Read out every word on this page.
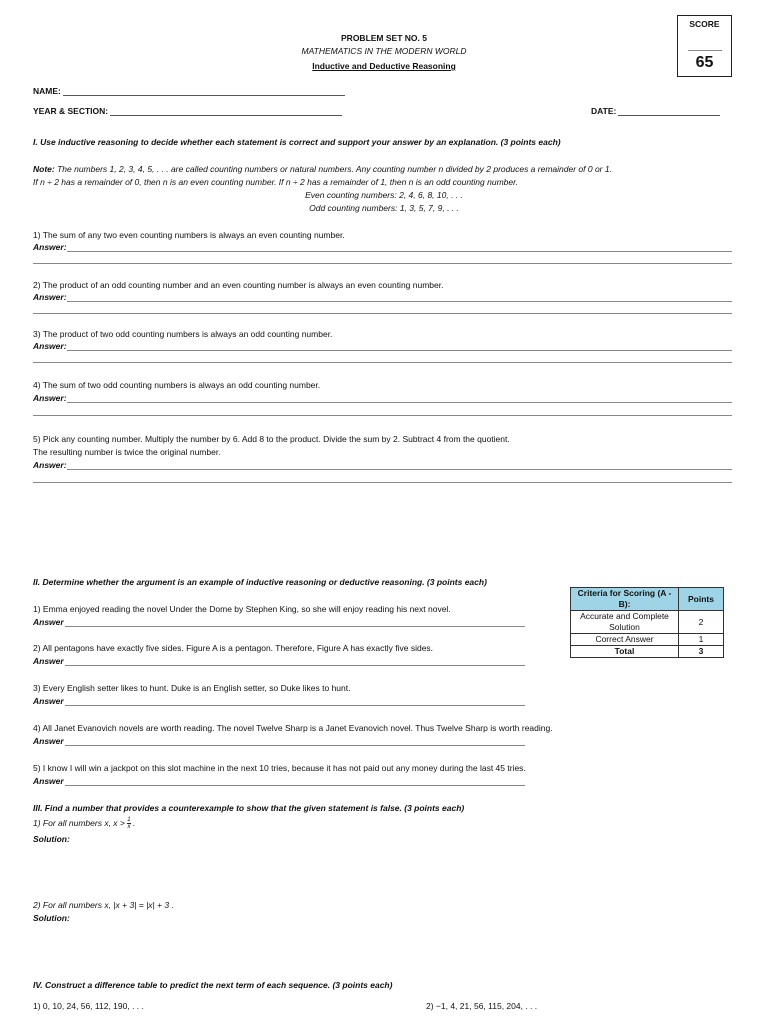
SCORE
65
PROBLEM SET NO. 5
MATHEMATICS IN THE MODERN WORLD
Inductive and Deductive Reasoning
NAME:
YEAR & SECTION:	DATE:
I. Use inductive reasoning to decide whether each statement is correct and support your answer by an explanation. (3 points each)
Note: The numbers 1, 2, 3, 4, 5, . . . are called counting numbers or natural numbers. Any counting number n divided by 2 produces a remainder of 0 or 1.
If n ÷ 2 has a remainder of 0, then n is an even counting number. If n ÷ 2 has a remainder of 1, then n is an odd counting number.
Even counting numbers: 2, 4, 6, 8, 10, . . .
Odd counting numbers: 1, 3, 5, 7, 9, . . .
1) The sum of any two even counting numbers is always an even counting number.
Answer:
2) The product of an odd counting number and an even counting number is always an even counting number.
Answer:
3) The product of two odd counting numbers is always an odd counting number.
Answer:
4) The sum of two odd counting numbers is always an odd counting number.
Answer:
5) Pick any counting number. Multiply the number by 6. Add 8 to the product. Divide the sum by 2. Subtract 4 from the quotient.
The resulting number is twice the original number.
Answer:
II. Determine whether the argument is an example of inductive reasoning or deductive reasoning. (3 points each)
1) Emma enjoyed reading the novel Under the Dome by Stephen King, so she will enjoy reading his next novel.
Answer
2) All pentagons have exactly five sides. Figure A is a pentagon. Therefore, Figure A has exactly five sides.
Answer
3) Every English setter likes to hunt. Duke is an English setter, so Duke likes to hunt.
Answer
4) All Janet Evanovich novels are worth reading. The novel Twelve Sharp is a Janet Evanovich novel. Thus Twelve Sharp is worth reading.
Answer
5) I know I will win a jackpot on this slot machine in the next 10 tries, because it has not paid out any money during the last 45 tries.
Answer
Criteria for Scoring (A - B):	Points
Accurate and Complete Solution	2
Correct Answer	1
Total	3
III. Find a number that provides a counterexample to show that the given statement is false. (3 points each)
1) For all numbers x, $x > \frac{1}{x}$ .
Solution:
2) For all numbers x, |x + 3| = |x| + 3 .
Solution:
IV. Construct a difference table to predict the next term of each sequence. (3 points each)
1) 0, 10, 24, 56, 112, 190, . . .	2) −1, 4, 21, 56, 115, 204, . . .
